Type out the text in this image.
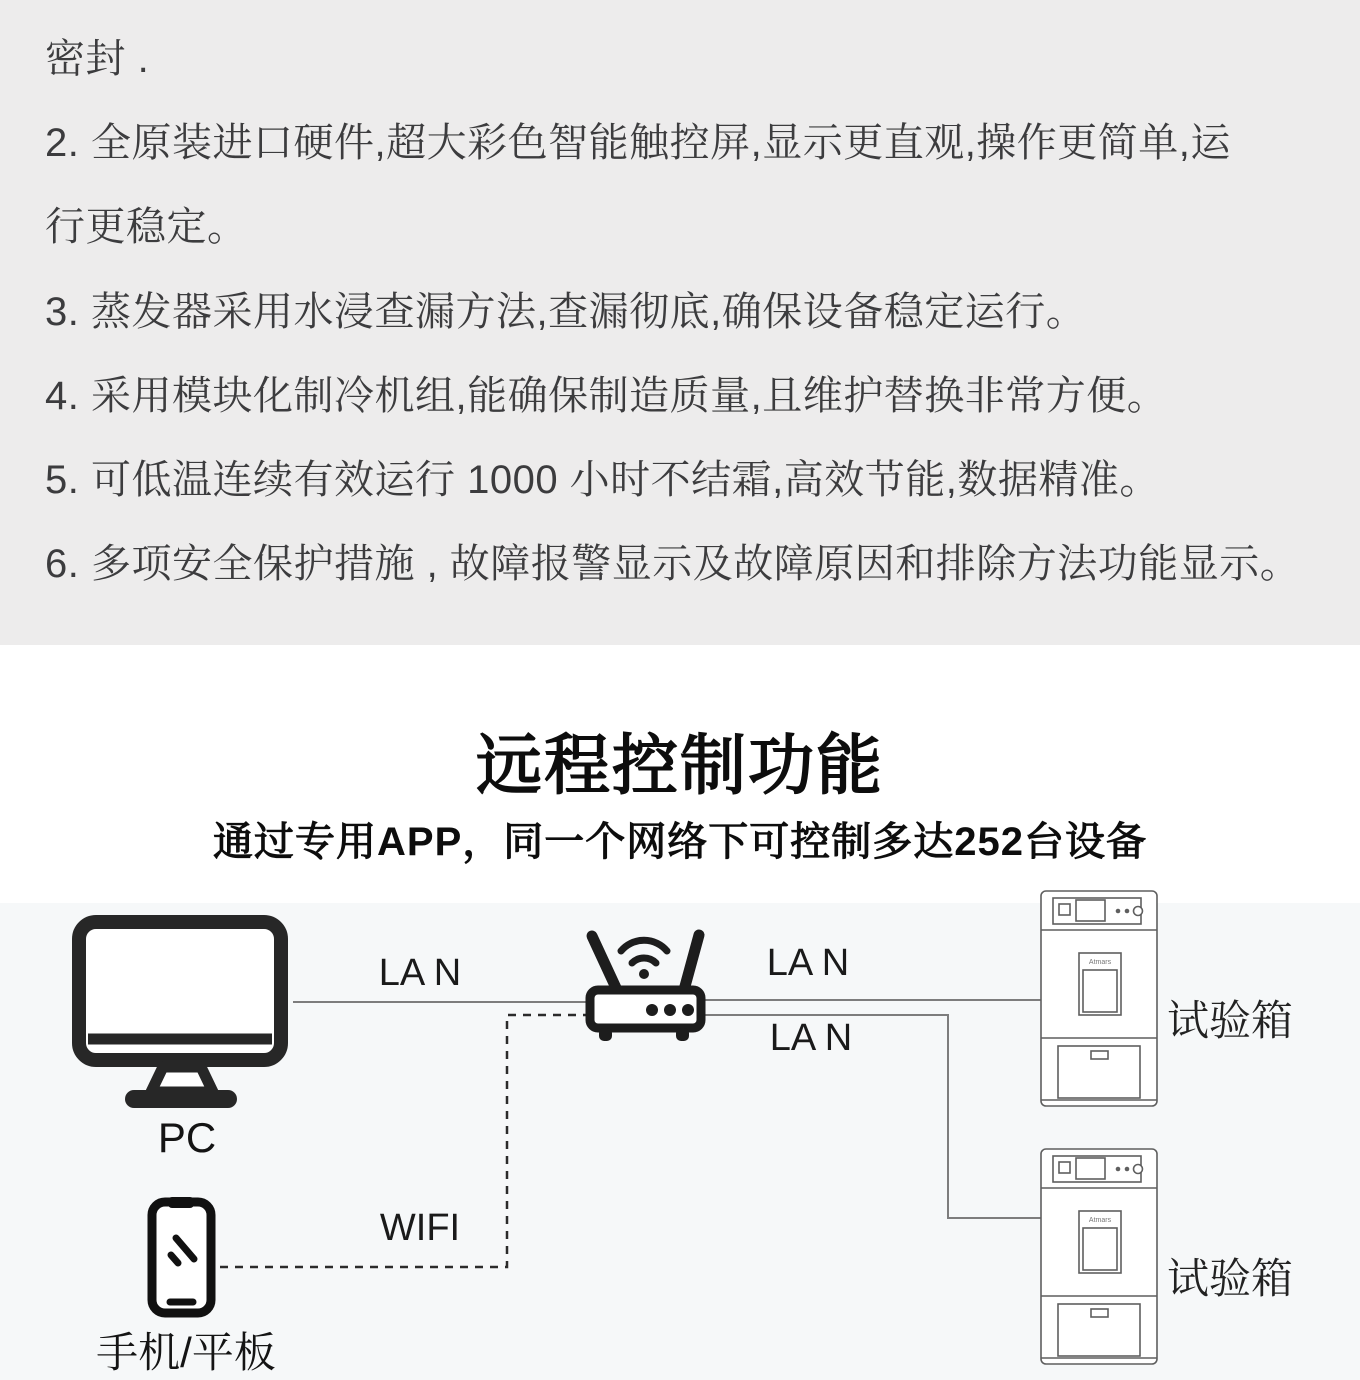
密封 .
2. 全原装进口硬件,超大彩色智能触控屏,显示更直观,操作更简单,运
行更稳定。
3. 蒸发器采用水浸查漏方法,查漏彻底,确保设备稳定运行。
4. 采用模块化制冷机组,能确保制造质量,且维护替换非常方便。
5. 可低温连续有效运行 1000 小时不结霜,高效节能,数据精准。
6. 多项安全保护措施 , 故障报警显示及故障原因和排除方法功能显示。
远程控制功能
通过专用APP，同一个网络下可控制多达252台设备
PC
手机/平板
LA N	LA N
LA N
WIFI
Atmars
试验箱
Atmars
试验箱
